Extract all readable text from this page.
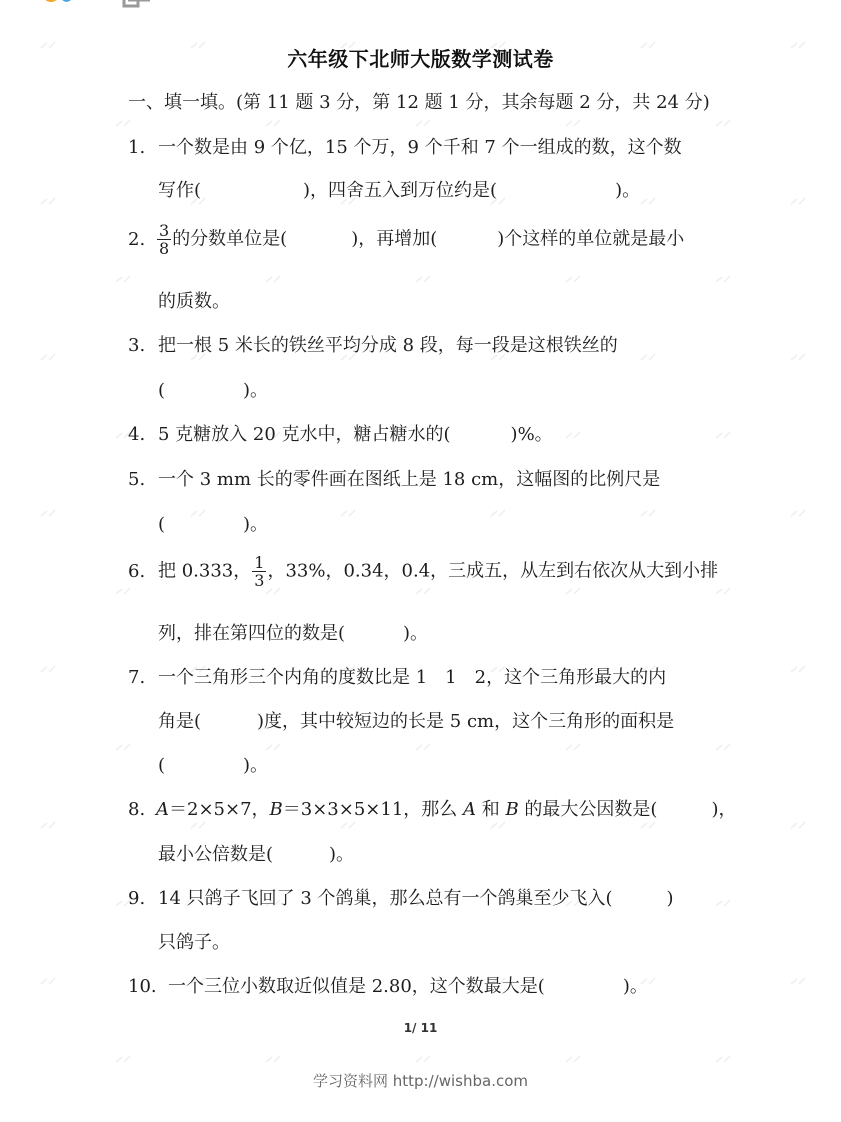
六年级下北师大版数学测试卷
一、填一填。(第 11 题 3 分，第 12 题 1 分，其余每题 2 分，共 24 分)
1. 一个数是由 9 个亿，15 个万，9 个千和 7 个一组成的数，这个数
写作(	)，四舍五入到万位约是(	)。
2. $\frac{3}{8}$ 的分数单位是(	)，再增加(	)个这样的单位就是最小
的质数。
3. 把一根 5 米长的铁丝平均分成 8 段，每一段是这根铁丝的
(	)。
4. 5 克糖放入 20 克水中，糖占糖水的(	)%。
5. 一个 3 mm 长的零件画在图纸上是 18 cm，这幅图的比例尺是
(	)。
6. 把 0.333， $\frac{1}{3}$ ，33%，0.34，0.4，三成五，从左到右依次从大到小排
列，排在第四位的数是(	)。
7. 一个三角形三个内角的度数比是 1　1　2，这个三角形最大的内
角是(	)度，其中较短边的长是 5 cm，这个三角形的面积是
(	)。
8. A＝2×5×7，B＝3×3×5×11，那么 A 和 B 的最大公因数是(	)，
最小公倍数是(	)。
9. 14 只鸽子飞回了 3 个鸽巢，那么总有一个鸽巢至少飞入(	)
只鸽子。
10. 一个三位小数取近似值是 2.80，这个数最大是(	)。
1/ 11
学习资料网 http://wishba.com
